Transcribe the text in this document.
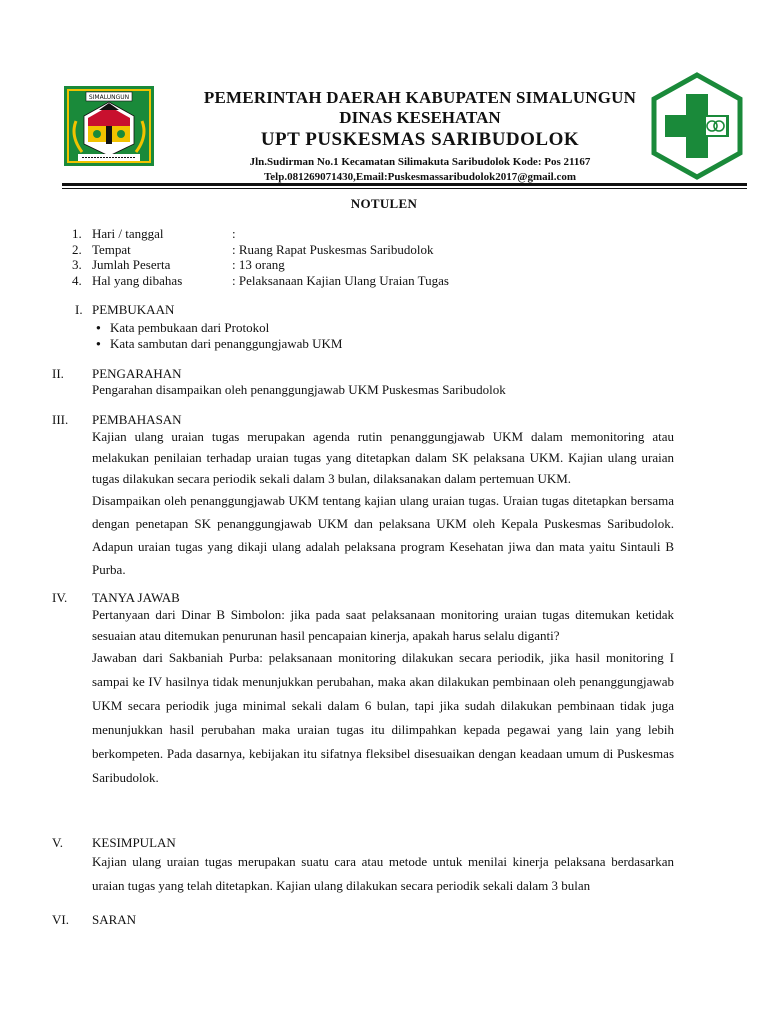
SIMALUNGUN	PEMERINTAH DAERAH KABUPATEN SIMALUNGUN
DINAS KESEHATAN
UPT PUSKESMAS SARIBUDOLOK
Jln.Sudirman No.1 Kecamatan Silimakuta Saribudolok Kode: Pos 21167
Telp.081269071430,Email:Puskesmassaribudolok2017@gmail.com
NOTULEN
1. Hari / tanggal	:
2. Tempat	: Ruang Rapat Puskesmas Saribudolok
3. Jumlah Peserta	: 13 orang
4. Hal yang dibahas	: Pelaksanaan Kajian Ulang Uraian Tugas
I. PEMBUKAAN
● Kata pembukaan dari Protokol
● Kata sambutan dari penanggungjawab UKM
II. PENGARAHAN

Pengarahan disampaikan oleh penanggungjawab UKM Puskesmas Saribudolok

III. PEMBAHASAN

Kajian ulang uraian tugas merupakan agenda rutin penanggungjawab UKM dalam memonitoring atau melakukan penilaian terhadap uraian tugas yang ditetapkan dalam SK pelaksana UKM. Kajian ulang uraian tugas dilakukan secara periodik sekali dalam 3 bulan, dilaksanakan dalam pertemuan UKM.

Disampaikan oleh penanggungjawab UKM tentang kajian ulang uraian tugas. Uraian tugas ditetapkan bersama dengan penetapan SK penanggungjawab UKM dan pelaksana UKM oleh Kepala Puskesmas Saribudolok. Adapun uraian tugas yang dikaji ulang adalah pelaksana program Kesehatan jiwa dan mata yaitu Sintauli B Purba.

IV. TANYA JAWAB

Pertanyaan dari Dinar B Simbolon: jika pada saat pelaksanaan monitoring uraian tugas ditemukan ketidak sesuaian atau ditemukan penurunan hasil pencapaian kinerja, apakah harus selalu diganti?

Jawaban dari Sakbaniah Purba: pelaksanaan monitoring dilakukan secara periodik, jika hasil monitoring I sampai ke IV hasilnya tidak menunjukkan perubahan, maka akan dilakukan pembinaan oleh penanggungjawab UKM secara periodik juga minimal sekali dalam 6 bulan, tapi jika sudah dilakukan pembinaan tidak juga menunjukkan hasil perubahan maka uraian tugas itu dilimpahkan kepada pegawai yang lain yang lebih berkompeten. Pada dasarnya, kebijakan itu sifatnya fleksibel disesuaikan dengan keadaan umum di Puskesmas Saribudolok.

V. KESIMPULAN

Kajian ulang uraian tugas merupakan suatu cara atau metode untuk menilai kinerja pelaksana berdasarkan uraian tugas yang telah ditetapkan. Kajian ulang dilakukan secara periodik sekali dalam 3 bulan

VI. SARAN
